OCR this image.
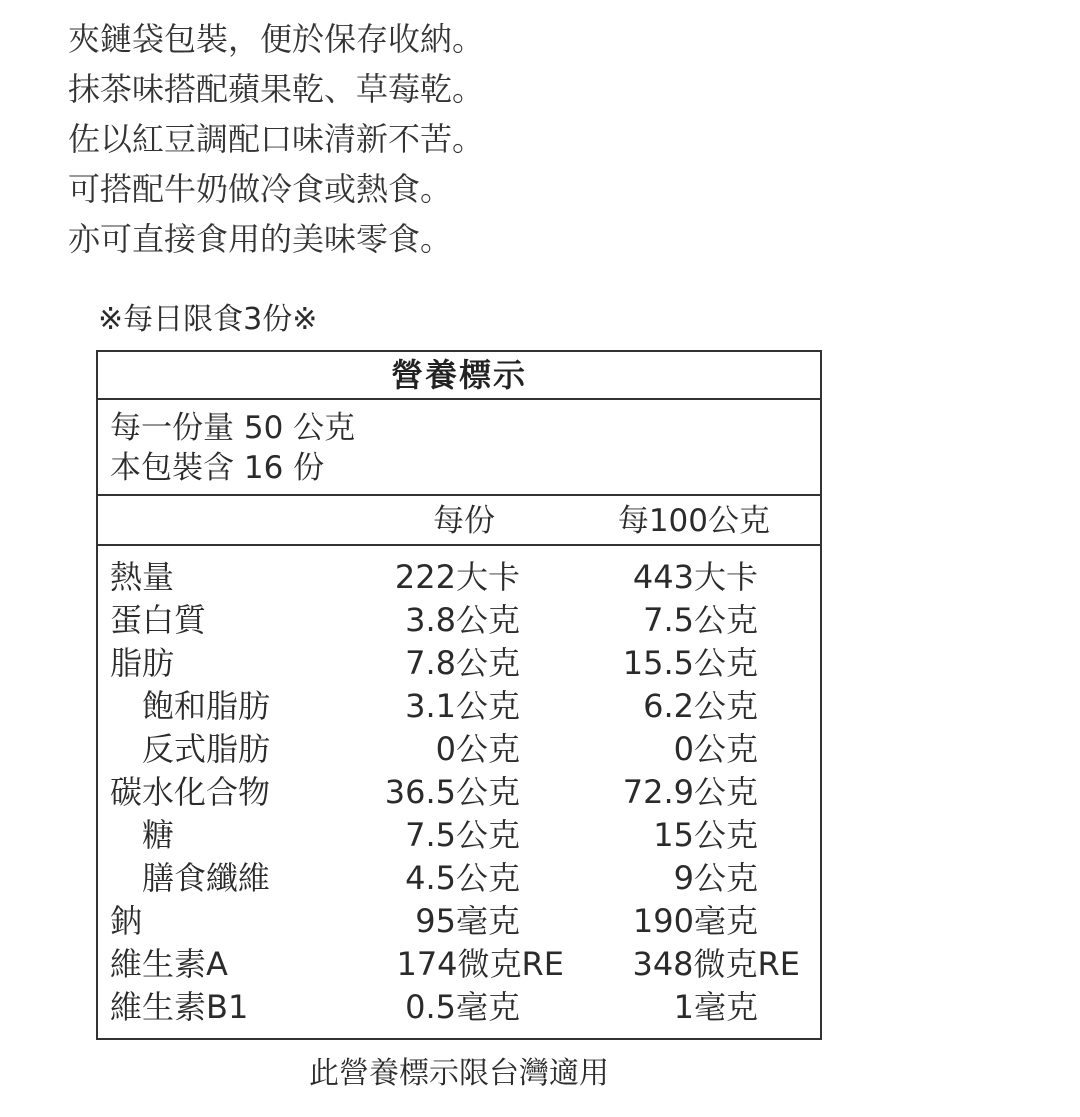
夾鏈袋包裝，便於保存收納。
抹茶味搭配蘋果乾、草莓乾。
佐以紅豆調配口味清新不苦。
可搭配牛奶做冷食或熱食。
亦可直接食用的美味零食。
※每日限食3份※
營養標示
每一份量 50 公克
本包裝含 16 份
每份	每100公克
熱量	222大卡	443大卡
蛋白質	3.8公克	7.5公克
脂肪	7.8公克	15.5公克
飽和脂肪	3.1公克	6.2公克
反式脂肪	0公克	0公克
碳水化合物	36.5公克	72.9公克
糖	7.5公克	15公克
膳食纖維	4.5公克	9公克
鈉	95毫克	190毫克
維生素A	174微克RE 348微克RE
維生素B1	0.5毫克	1毫克
此營養標示限台灣適用
